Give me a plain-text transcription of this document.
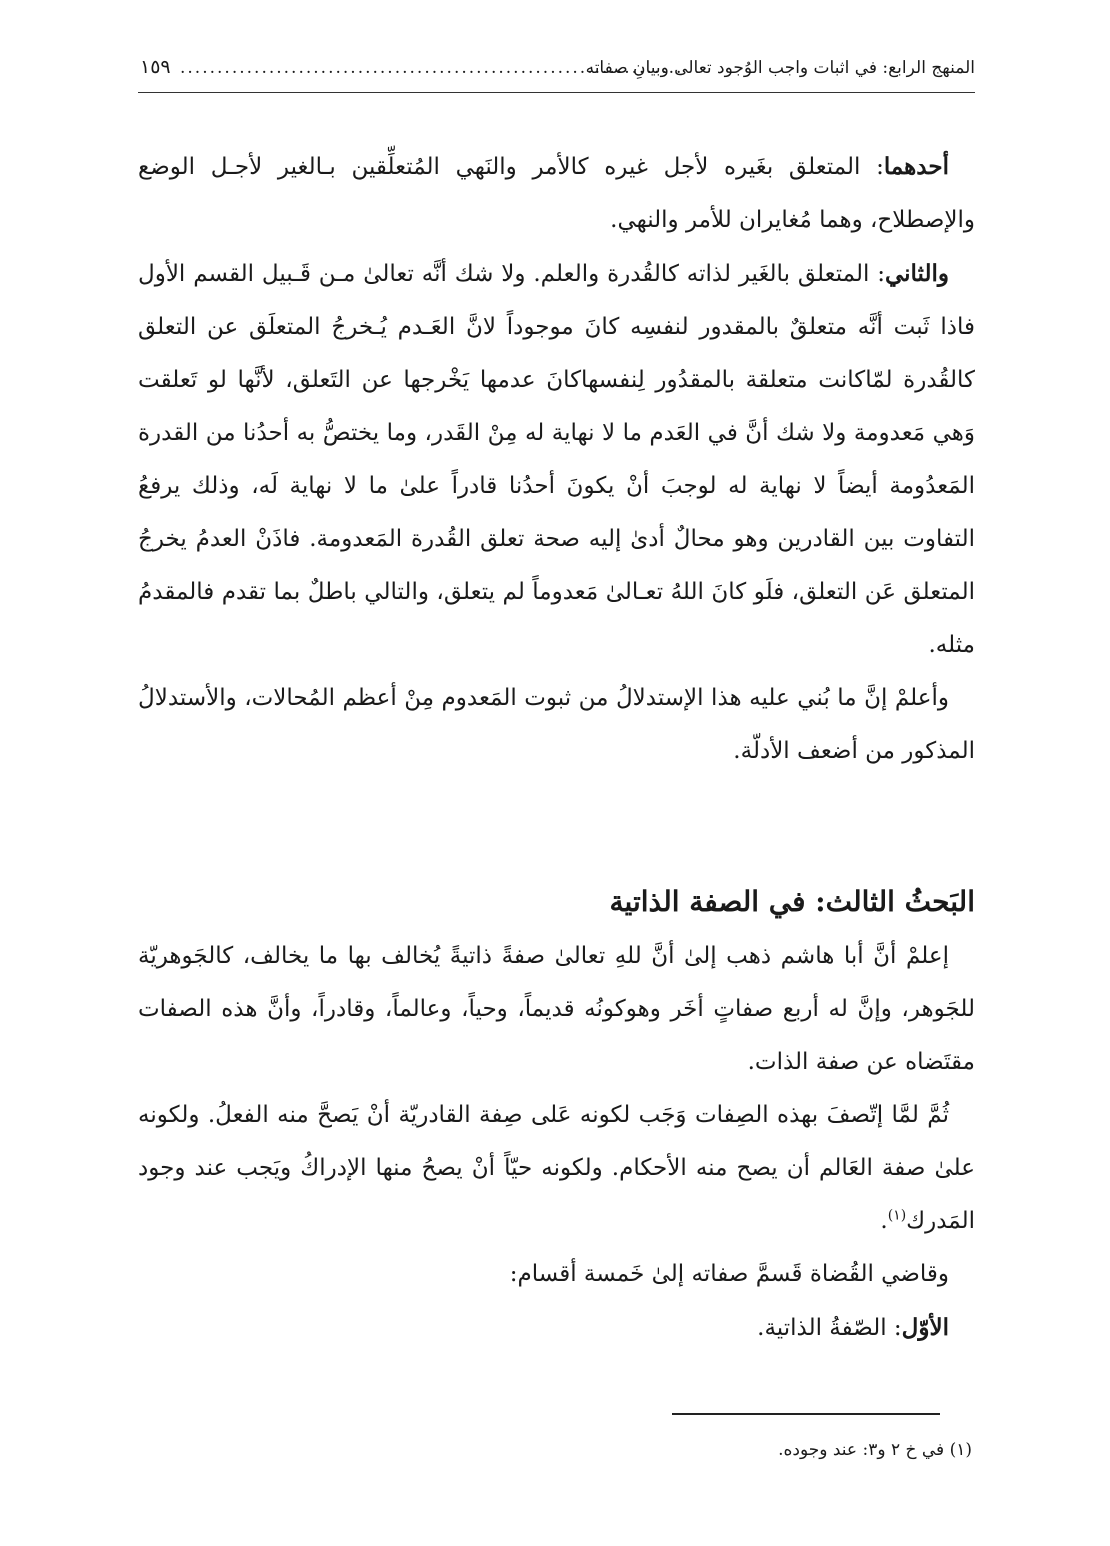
المنهج الرابع: في اثبات واجب الوُجود تعالى وبيانِ صفاته
....................................................................
١٥٩

أحدهما: المتعلق بغَيره لأجل غيره كالأمر والنَهي المُتعلِّقين بـالغير لأجـل الوضع والإصطلاح، وهما مُغايران للأمر والنهي.

والثاني: المتعلق بالغَير لذاته كالقُدرة والعلم. ولا شك أنَّه تعالىٰ مـن قَـبيل القسم الأول فاذا ثَبت أنَّه متعلقٌ بالمقدور لنفسِه كانَ موجوداً لانَّ العَـدم يُـخرجُ المتعلَق عن التعلق كالقُدرة لمّاكانت متعلقة بالمقدُور لِنفسهاكانَ عدمها يَخْرجها عن التَعلق، لأنَّها لو تَعلقت وَهي مَعدومة ولا شك أنَّ في العَدم ما لا نهاية له مِنْ القَدر، وما يختصُّ به أحدُنا من القدرة المَعدُومة أيضاً لا نهاية له لوجبَ أنْ يكونَ أحدُنا قادراً علىٰ ما لا نهاية لَه، وذلك يرفعُ التفاوت بين القادرين وهو محالٌ أدىٰ إليه صحة تعلق القُدرة المَعدومة. فاذَنْ العدمُ يخرجُ المتعلق عَن التعلق، فلَو كانَ اللهُ تعـالىٰ مَعدوماً لم يتعلق، والتالي باطلٌ بما تقدم فالمقدمُ مثله.

وأعلمْ إنَّ ما بُني عليه هذا الإستدلالُ من ثبوت المَعدوم مِنْ أعظم المُحالات، والأستدلالُ المذكور من أضعف الأدلّة.

البَحثُ الثالث: في الصفة الذاتية

إعلمْ أنَّ أبا هاشم ذهب إلىٰ أنَّ للهِ تعالىٰ صفةً ذاتيةً يُخالف بها ما يخالف، كالجَوهريّة للجَوهر، وإنَّ له أربع صفاتٍ أخَر وهوكونُه قديماً، وحياً، وعالماً، وقادراً، وأنَّ هذه الصفات مقتَضاه عن صفة الذات.

ثُمَّ لمَّا إتّصفَ بهذه الصِفات وَجَب لكونه عَلى صِفة القادريّة أنْ يَصحَّ منه الفعلُ. ولكونه علىٰ صفة العَالم أن يصح منه الأحكام. ولكونه حيّاً أنْ يصحُ منها الإدراكُ ويَجب عند وجود المَدرك$^{(١)}$.

وقاضي القُضاة قَسمَّ صفاته إلىٰ خَمسة أقسام:

الأوّل: الصّفةُ الذاتية.

(١) في خ ٢ و٣: عند وجوده.
